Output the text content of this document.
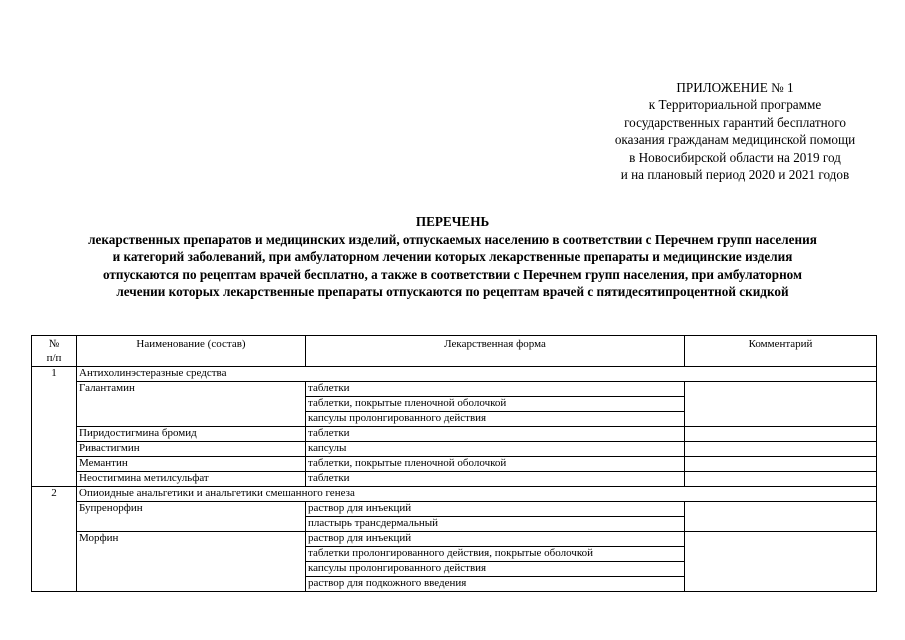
ПРИЛОЖЕНИЕ № 1
к Территориальной программе
государственных гарантий бесплатного
оказания гражданам медицинской помощи
в Новосибирской области на 2019 год
и на плановый период 2020 и 2021 годов
ПЕРЕЧЕНЬ
лекарственных препаратов и медицинских изделий, отпускаемых населению в соответствии с Перечнем групп населения
и категорий заболеваний, при амбулаторном лечении которых лекарственные препараты и медицинские изделия
отпускаются по рецептам врачей бесплатно, а также в соответствии с Перечнем групп населения, при амбулаторном
лечении которых лекарственные препараты отпускаются по рецептам врачей с пятидесятипроцентной скидкой
№
п/п	Наименование (состав)	Лекарственная форма	Комментарий
1	Антихолинэстеразные средства		
	Галантамин	таблетки	
		таблетки, покрытые пленочной оболочкой	
		капсулы пролонгированного действия	
	Пиридостигмина бромид	таблетки	
	Ривастигмин	капсулы	
	Мемантин	таблетки, покрытые пленочной оболочкой	
	Неостигмина метилсульфат	таблетки	
2	Опиоидные анальгетики и анальгетики смешанного генеза		
	Бупренорфин	раствор для инъекций	
		пластырь трансдермальный	
	Морфин	раствор для инъекций	
		таблетки пролонгированного действия, покрытые оболочкой	
		капсулы пролонгированного действия	
		раствор для подкожного введения	
